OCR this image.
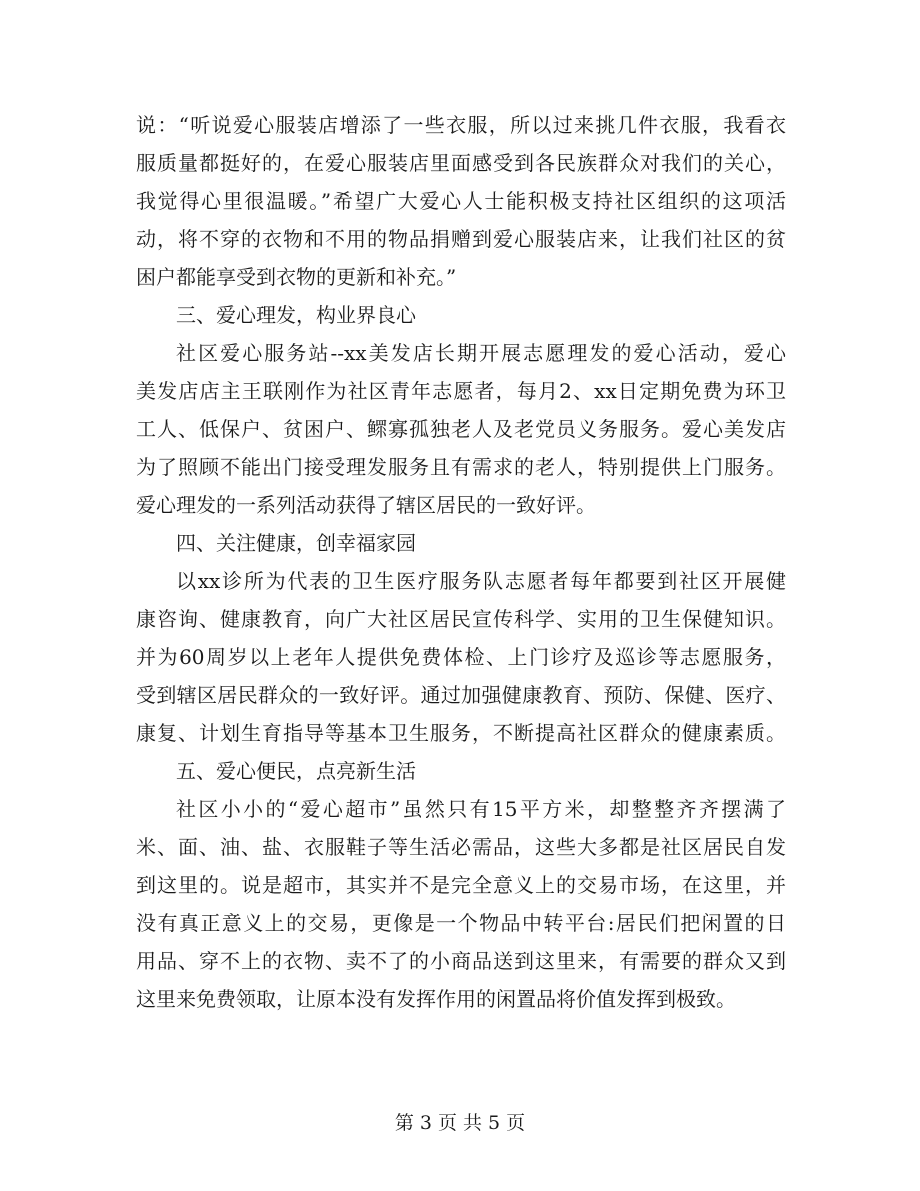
说：“听说爱心服装店增添了一些衣服，所以过来挑几件衣服，我看衣
服质量都挺好的，在爱心服装店里面感受到各民族群众对我们的关心，
我觉得心里很温暖。”希望广大爱心人士能积极支持社区组织的这项活
动，将不穿的衣物和不用的物品捐赠到爱心服装店来，让我们社区的贫
困户都能享受到衣物的更新和补充。”
三、爱心理发，构业界良心
社区爱心服务站--xx美发店长期开展志愿理发的爱心活动，爱心
美发店店主王联刚作为社区青年志愿者，每月2、xx日定期免费为环卫
工人、低保户、贫困户、鳏寡孤独老人及老党员义务服务。爱心美发店
为了照顾不能出门接受理发服务且有需求的老人，特别提供上门服务。
爱心理发的一系列活动获得了辖区居民的一致好评。
四、关注健康，创幸福家园
以xx诊所为代表的卫生医疗服务队志愿者每年都要到社区开展健
康咨询、健康教育，向广大社区居民宣传科学、实用的卫生保健知识。
并为60周岁以上老年人提供免费体检、上门诊疗及巡诊等志愿服务，
受到辖区居民群众的一致好评。通过加强健康教育、预防、保健、医疗、
康复、计划生育指导等基本卫生服务，不断提高社区群众的健康素质。
五、爱心便民，点亮新生活
社区小小的“爱心超市”虽然只有15平方米，却整整齐齐摆满了
米、面、油、盐、衣服鞋子等生活必需品，这些大多都是社区居民自发
到这里的。说是超市，其实并不是完全意义上的交易市场，在这里，并
没有真正意义上的交易，更像是一个物品中转平台:居民们把闲置的日
用品、穿不上的衣物、卖不了的小商品送到这里来，有需要的群众又到
这里来免费领取，让原本没有发挥作用的闲置品将价值发挥到极致。
第 3 页 共 5 页
